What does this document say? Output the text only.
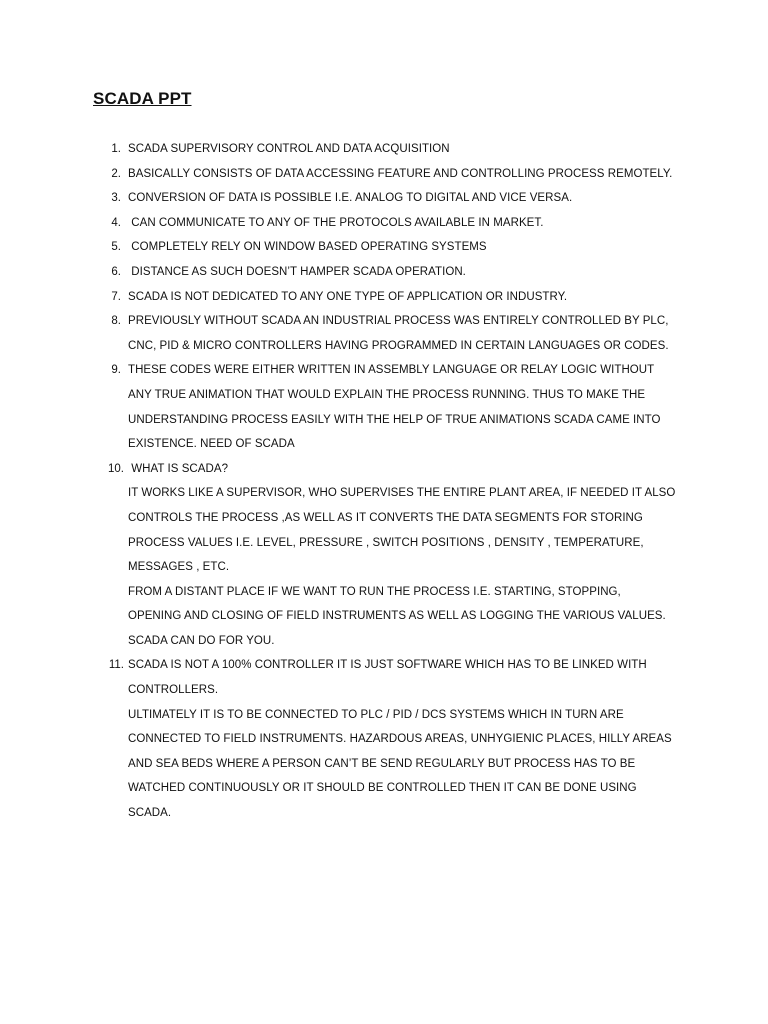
SCADA PPT
1. SCADA SUPERVISORY CONTROL AND DATA ACQUISITION
2. BASICALLY CONSISTS OF DATA ACCESSING FEATURE AND CONTROLLING PROCESS REMOTELY.
3. CONVERSION OF DATA IS POSSIBLE I.E. ANALOG TO DIGITAL AND VICE VERSA.
4. CAN COMMUNICATE TO ANY OF THE PROTOCOLS AVAILABLE IN MARKET.
5. COMPLETELY RELY ON WINDOW BASED OPERATING SYSTEMS
6. DISTANCE AS SUCH DOESN’T HAMPER SCADA OPERATION.
7. SCADA IS NOT DEDICATED TO ANY ONE TYPE OF APPLICATION OR INDUSTRY.
8. PREVIOUSLY WITHOUT SCADA AN INDUSTRIAL PROCESS WAS ENTIRELY CONTROLLED BY PLC,
CNC, PID & MICRO CONTROLLERS HAVING PROGRAMMED IN CERTAIN LANGUAGES OR CODES.
9. THESE CODES WERE EITHER WRITTEN IN ASSEMBLY LANGUAGE OR RELAY LOGIC WITHOUT
ANY TRUE ANIMATION THAT WOULD EXPLAIN THE PROCESS RUNNING. THUS TO MAKE THE
UNDERSTANDING PROCESS EASILY WITH THE HELP OF TRUE ANIMATIONS SCADA CAME INTO
EXISTENCE. NEED OF SCADA
10. WHAT IS SCADA?
IT WORKS LIKE A SUPERVISOR, WHO SUPERVISES THE ENTIRE PLANT AREA, IF NEEDED IT ALSO
CONTROLS THE PROCESS ,AS WELL AS IT CONVERTS THE DATA SEGMENTS FOR STORING
PROCESS VALUES I.E. LEVEL, PRESSURE , SWITCH POSITIONS , DENSITY , TEMPERATURE,
MESSAGES , ETC.
FROM A DISTANT PLACE IF WE WANT TO RUN THE PROCESS I.E. STARTING, STOPPING,
OPENING AND CLOSING OF FIELD INSTRUMENTS AS WELL AS LOGGING THE VARIOUS VALUES.
SCADA CAN DO FOR YOU.
11. SCADA IS NOT A 100% CONTROLLER IT IS JUST SOFTWARE WHICH HAS TO BE LINKED WITH
CONTROLLERS.
ULTIMATELY IT IS TO BE CONNECTED TO PLC / PID / DCS SYSTEMS WHICH IN TURN ARE
CONNECTED TO FIELD INSTRUMENTS. HAZARDOUS AREAS, UNHYGIENIC PLACES, HILLY AREAS
AND SEA BEDS WHERE A PERSON CAN’T BE SEND REGULARLY BUT PROCESS HAS TO BE
WATCHED CONTINUOUSLY OR IT SHOULD BE CONTROLLED THEN IT CAN BE DONE USING
SCADA.
